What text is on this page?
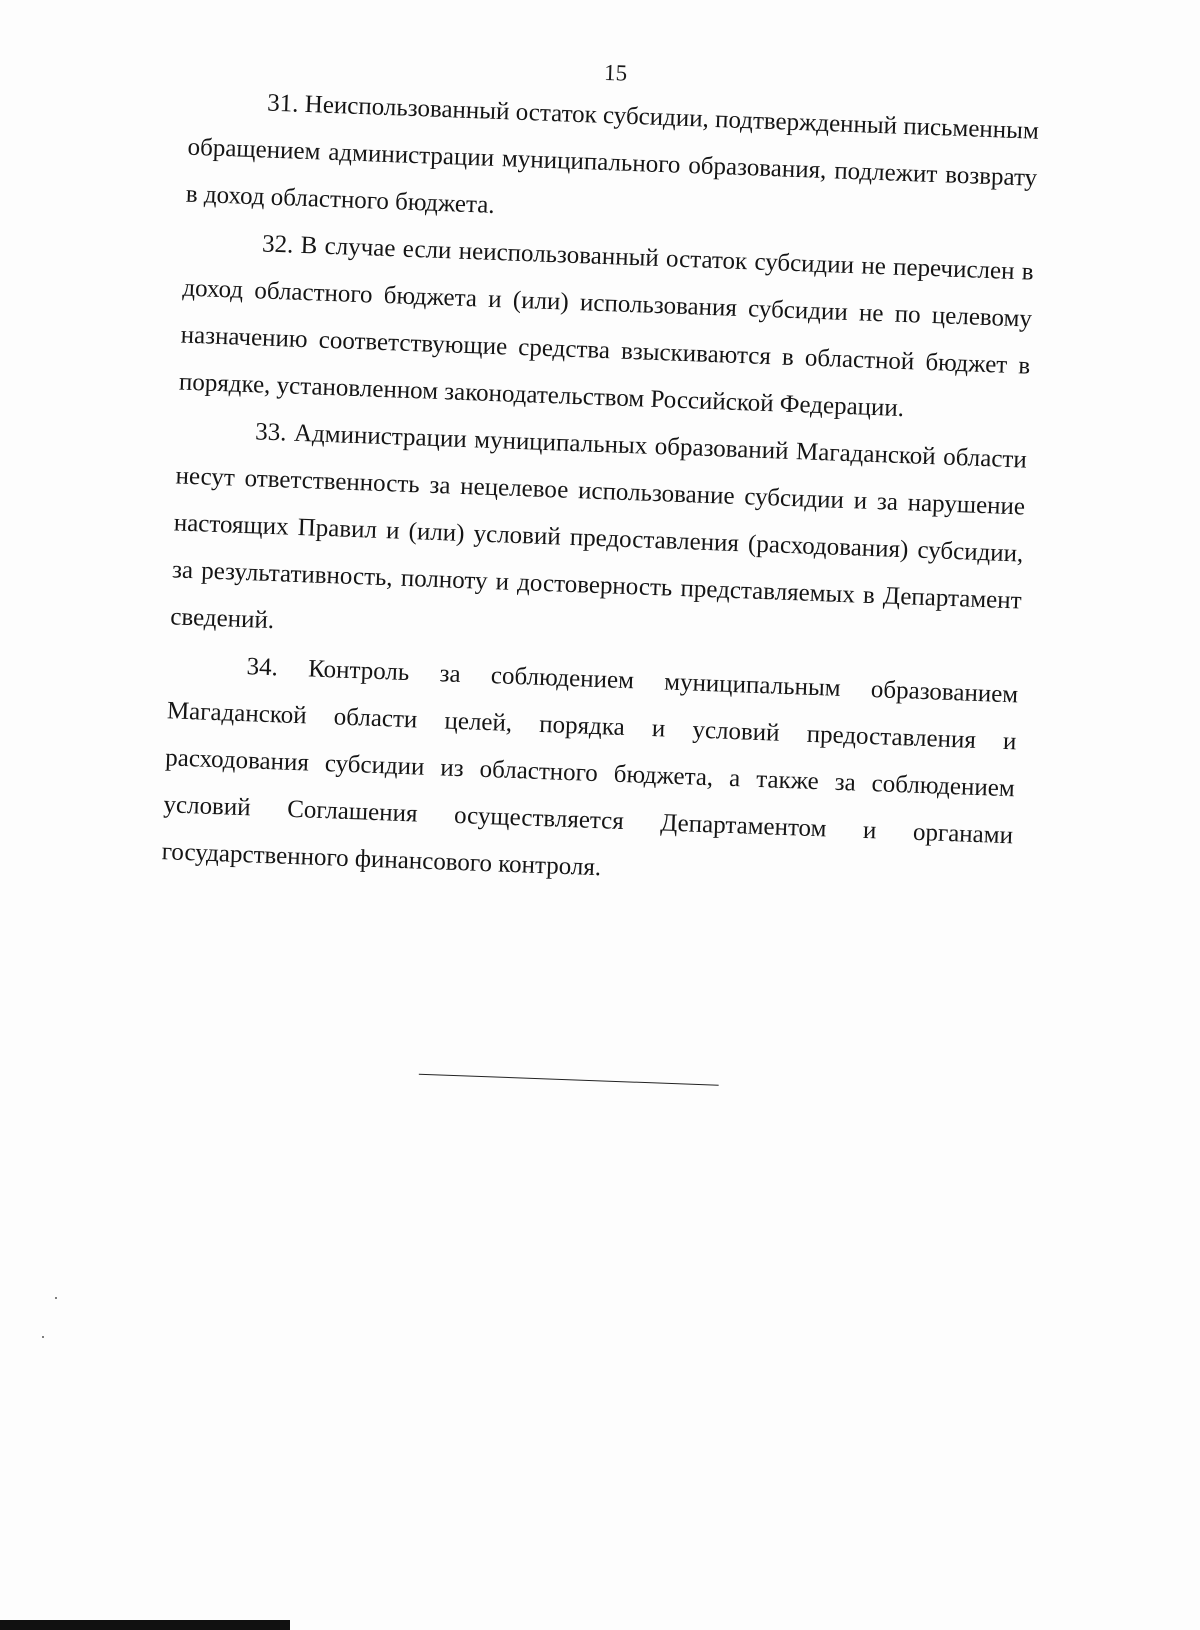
15

31. Неиспользованный остаток субсидии, подтвержденный письменным обращением администрации муниципального образования, подлежит возврату в доход областного бюджета.

32. В случае если неиспользованный остаток субсидии не перечислен в доход областного бюджета и (или) использования субсидии не по целевому назначению соответствующие средства взыскиваются в областной бюджет в порядке, установленном законодательством Российской Федерации.

33. Администрации муниципальных образований Магаданской области несут ответственность за нецелевое использование субсидии и за нарушение настоящих Правил и (или) условий предоставления (расходования) субсидии, за результативность, полноту и достоверность представляемых в Департамент сведений.

34. Контроль за соблюдением муниципальным образованием Магаданской области целей, порядка и условий предоставления и расходования субсидии из областного бюджета, а также за соблюдением условий Соглашения осуществляется Департаментом и органами государственного финансового контроля.
